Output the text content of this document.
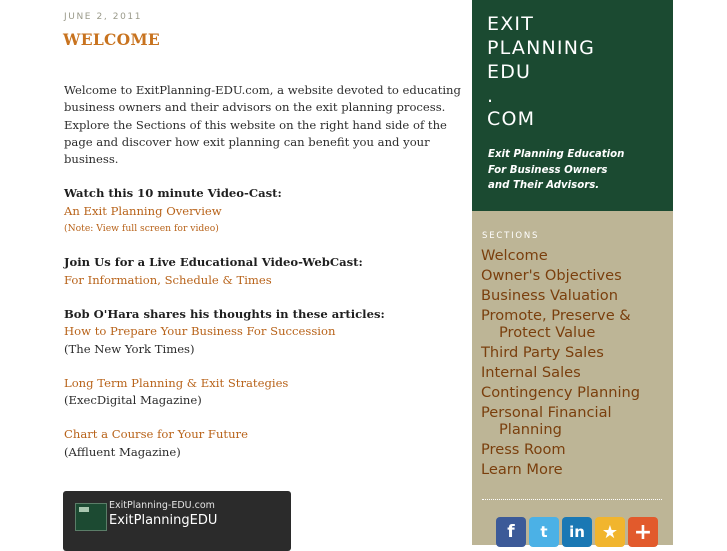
JUNE 2, 2011
WELCOME

Welcome to ExitPlanning-EDU.com, a website devoted to educating business owners and their advisors on the exit planning process. Explore the Sections of this website on the right hand side of the page and discover how exit planning can benefit you and your business.

Watch this 10 minute Video-Cast:

An Exit Planning Overview

(Note: View full screen for video)

Join Us for a Live Educational Video-WebCast:

For Information, Schedule & Times

Bob O'Hara shares his thoughts in these articles:

How to Prepare Your Business For Succession

(The New York Times)

Long Term Planning & Exit Strategies

(ExecDigital Magazine)

Chart a Course for Your Future

(Affluent Magazine)

ExitPlanning-EDU.com
ExitPlanningEDU
EXIT
PLANNING
EDU
.
COM
Exit Planning Education
For Business Owners
and Their Advisors.
SECTIONS
Welcome
Owner's Objectives
Business Valuation
Promote, Preserve & Protect Value
Third Party Sales
Internal Sales
Contingency Planning
Personal Financial Planning
Press Room
Learn More
f	t	in ★ +
